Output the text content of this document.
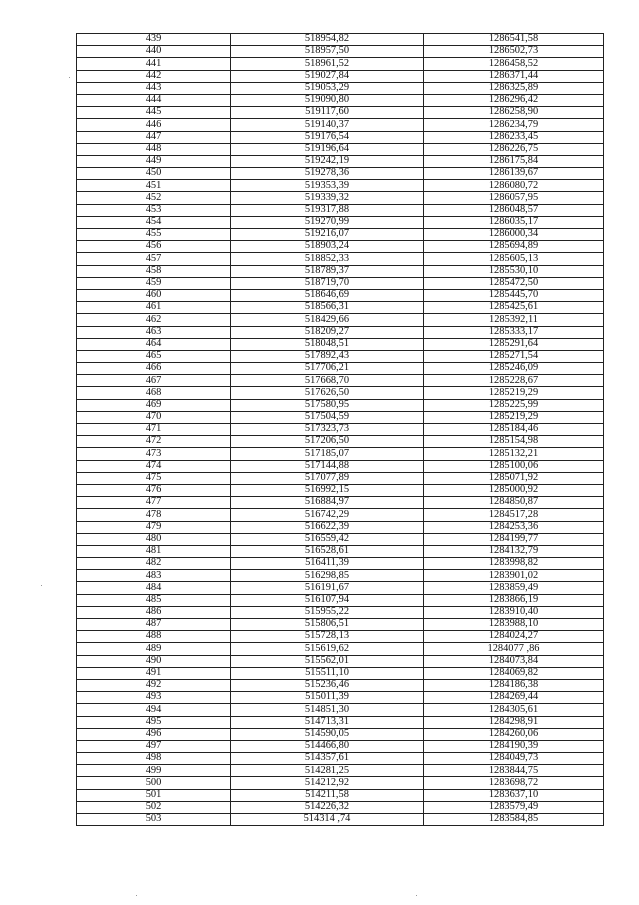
439	518954,82	1286541,58
440	518957,50	1286502,73
441	518961,52	1286458,52
442	519027,84	1286371,44
443	519053,29	1286325,89
444	519090,80	1286296,42
445	519117,60	1286258,90
446	519140,37	1286234,79
447	519176,54	1286233,45
448	519196,64	1286226,75
449	519242,19	1286175,84
450	519278,36	1286139,67
451	519353,39	1286080,72
452	519339,32	1286057,95
453	519317,88	1286048,57
454	519270,99	1286035,17
455	519216,07	1286000,34
456	518903,24	1285694,89
457	518852,33	1285605,13
458	518789,37	1285530,10
459	518719,70	1285472,50
460	518646,69	1285445,70
461	518566,31	1285425,61
462	518429,66	1285392,11
463	518209,27	1285333,17
464	518048,51	1285291,64
465	517892,43	1285271,54
466	517706,21	1285246,09
467	517668,70	1285228,67
468	517626,50	1285219,29
469	517580,95	1285225,99
470	517504,59	1285219,29
471	517323,73	1285184,46
472	517206,50	1285154,98
473	517185,07	1285132,21
474	517144,88	1285100,06
475	517077,89	1285071,92
476	516992,15	1285000,92
477	516884,97	1284850,87
478	516742,29	1284517,28
479	516622,39	1284253,36
480	516559,42	1284199,77
481	516528,61	1284132,79
482	516411,39	1283998,82
483	516298,85	1283901,02
484	516191,67	1283859,49
485	516107,94	1283866,19
486	515955,22	1283910,40
487	515806,51	1283988,10
488	515728,13	1284024,27
489	515619,62	1284077 ,86
490	515562,01	1284073,84
491	515511,10	1284069,82
492	515236,46	1284186,38
493	515011,39	1284269,44
494	514851,30	1284305,61
495	514713,31	1284298,91
496	514590,05	1284260,06
497	514466,80	1284190,39
498	514357,61	1284049,73
499	514281,25	1283844,75
500	514212,92	1283698,72
501	514211,58	1283637,10
502	514226,32	1283579,49
503	514314 ,74	1283584,85
